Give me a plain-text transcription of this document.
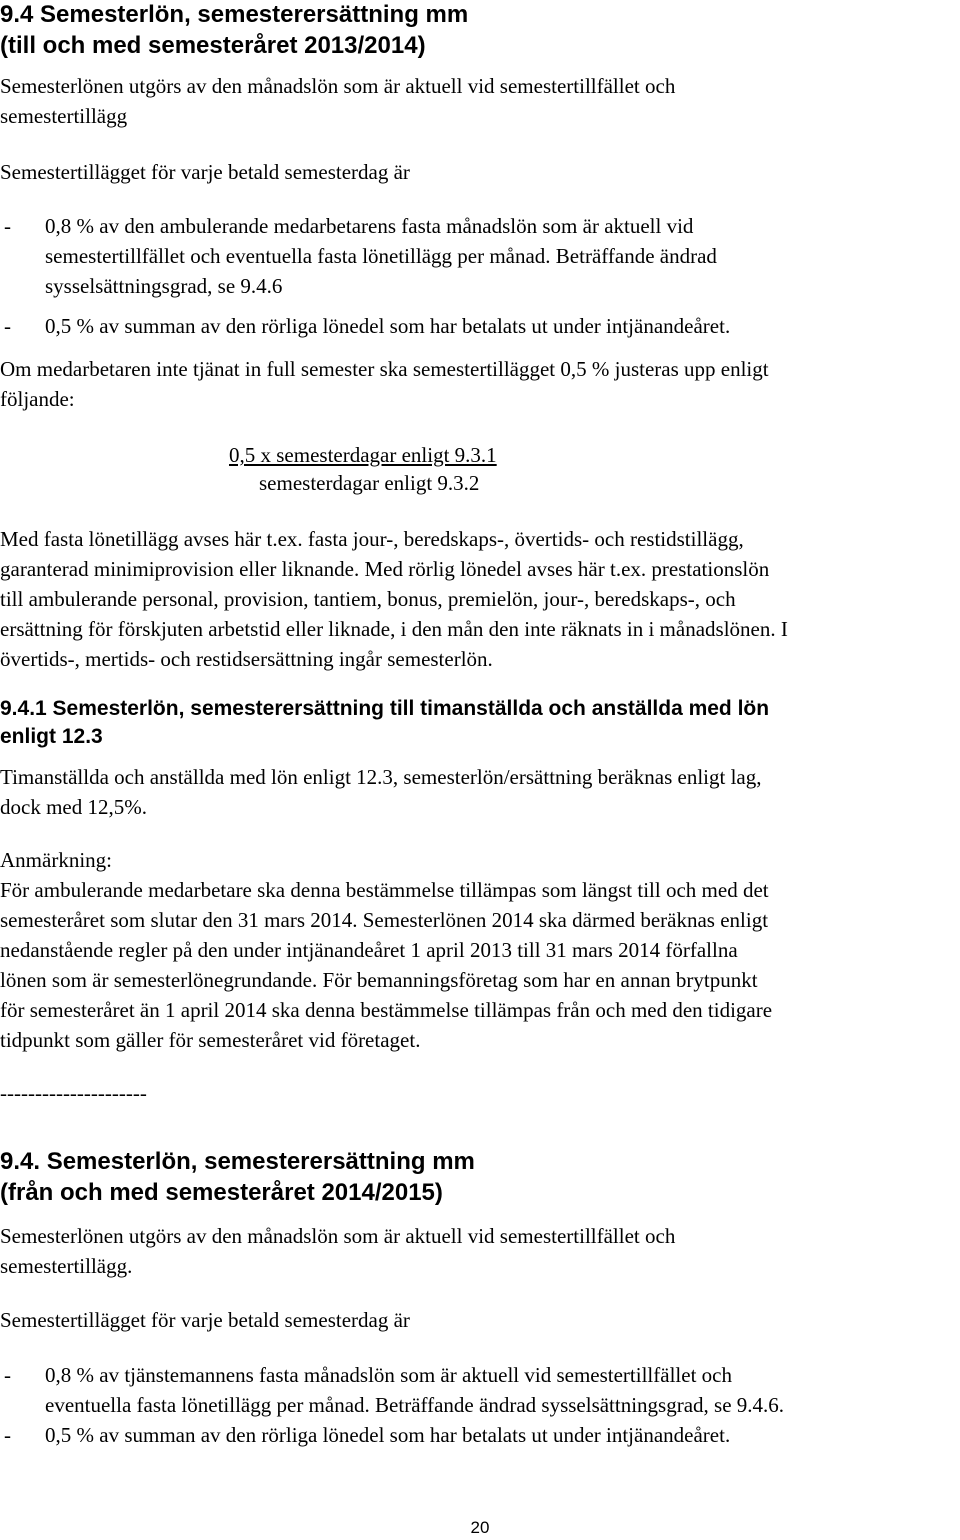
9.4 Semesterlön, semesterersättning mm
(till och med semesteråret 2013/2014)
Semesterlönen utgörs av den månadslön som är aktuell vid semestertillfället och
semestertillägg
Semestertillägget för varje betald semesterdag är
- 0,8 % av den ambulerande medarbetarens fasta månadslön som är aktuell vid
semestertillfället och eventuella fasta lönetillägg per månad. Beträffande ändrad
sysselsättningsgrad, se 9.4.6
- 0,5 % av summan av den rörliga lönedel som har betalats ut under intjänandeåret.
Om medarbetaren inte tjänat in full semester ska semestertillägget 0,5 % justeras upp enligt
följande:
0,5 x semesterdagar enligt 9.3.1
semesterdagar enligt 9.3.2
Med fasta lönetillägg avses här t.ex. fasta jour-, beredskaps-, övertids- och restidstillägg,
garanterad minimiprovision eller liknande. Med rörlig lönedel avses här t.ex. prestationslön
till ambulerande personal, provision, tantiem, bonus, premielön, jour-, beredskaps-, och
ersättning för förskjuten arbetstid eller liknade, i den mån den inte räknats in i månadslönen. I
övertids-, mertids- och restidsersättning ingår semesterlön.
9.4.1 Semesterlön, semesterersättning till timanställda och anställda med lön
enligt 12.3
Timanställda och anställda med lön enligt 12.3, semesterlön/ersättning beräknas enligt lag,
dock med 12,5%.
Anmärkning:
För ambulerande medarbetare ska denna bestämmelse tillämpas som längst till och med det
semesteråret som slutar den 31 mars 2014. Semesterlönen 2014 ska därmed beräknas enligt
nedanstående regler på den under intjänandeåret 1 april 2013 till 31 mars 2014 förfallna
lönen som är semesterlönegrundande. För bemanningsföretag som har en annan brytpunkt
för semesteråret än 1 april 2014 ska denna bestämmelse tillämpas från och med den tidigare
tidpunkt som gäller för semesteråret vid företaget.
---------------------
9.4. Semesterlön, semesterersättning mm
(från och med semesteråret 2014/2015)
Semesterlönen utgörs av den månadslön som är aktuell vid semestertillfället och
semestertillägg.
Semestertillägget för varje betald semesterdag är
- 0,8 % av tjänstemannens fasta månadslön som är aktuell vid semestertillfället och
eventuella fasta lönetillägg per månad. Beträffande ändrad sysselsättningsgrad, se 9.4.6.
- 0,5 % av summan av den rörliga lönedel som har betalats ut under intjänandeåret.
20
